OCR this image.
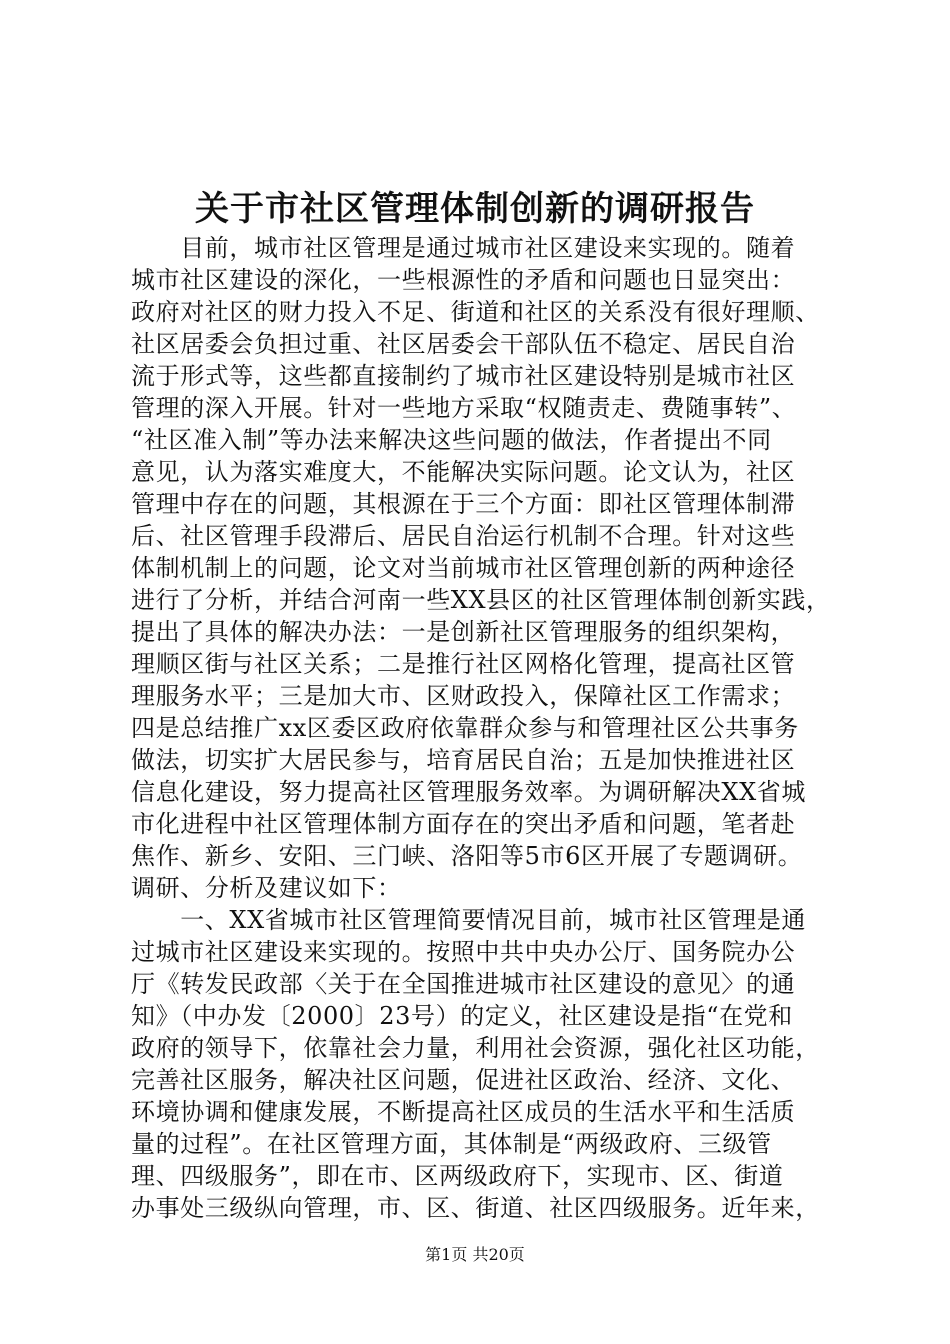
关于市社区管理体制创新的调研报告
　　目前，城市社区管理是通过城市社区建设来实现的。随着
城市社区建设的深化，一些根源性的矛盾和问题也日显突出：
政府对社区的财力投入不足、街道和社区的关系没有很好理顺、
社区居委会负担过重、社区居委会干部队伍不稳定、居民自治
流于形式等，这些都直接制约了城市社区建设特别是城市社区
管理的深入开展。针对一些地方采取“权随责走、费随事转”、
“社区准入制”等办法来解决这些问题的做法，作者提出不同
意见，认为落实难度大，不能解决实际问题。论文认为，社区
管理中存在的问题，其根源在于三个方面：即社区管理体制滞
后、社区管理手段滞后、居民自治运行机制不合理。针对这些
体制机制上的问题，论文对当前城市社区管理创新的两种途径
进行了分析，并结合河南一些XX县区的社区管理体制创新实践，
提出了具体的解决办法：一是创新社区管理服务的组织架构，
理顺区街与社区关系；二是推行社区网格化管理，提高社区管
理服务水平；三是加大市、区财政投入，保障社区工作需求；
四是总结推广xx区委区政府依靠群众参与和管理社区公共事务
做法，切实扩大居民参与，培育居民自治；五是加快推进社区
信息化建设，努力提高社区管理服务效率。为调研解决XX省城
市化进程中社区管理体制方面存在的突出矛盾和问题，笔者赴
焦作、新乡、安阳、三门峡、洛阳等5市6区开展了专题调研。
调研、分析及建议如下：
　　一、XX省城市社区管理简要情况目前，城市社区管理是通
过城市社区建设来实现的。按照中共中央办公厅、国务院办公
厅《转发民政部〈关于在全国推进城市社区建设的意见〉的通
知》（中办发〔2000〕23号）的定义，社区建设是指“在党和
政府的领导下，依靠社会力量，利用社会资源，强化社区功能，
完善社区服务，解决社区问题，促进社区政治、经济、文化、
环境协调和健康发展，不断提高社区成员的生活水平和生活质
量的过程”。在社区管理方面，其体制是“两级政府、三级管
理、四级服务”，即在市、区两级政府下，实现市、区、街道
办事处三级纵向管理，市、区、街道、社区四级服务。近年来，
第1页 共20页
